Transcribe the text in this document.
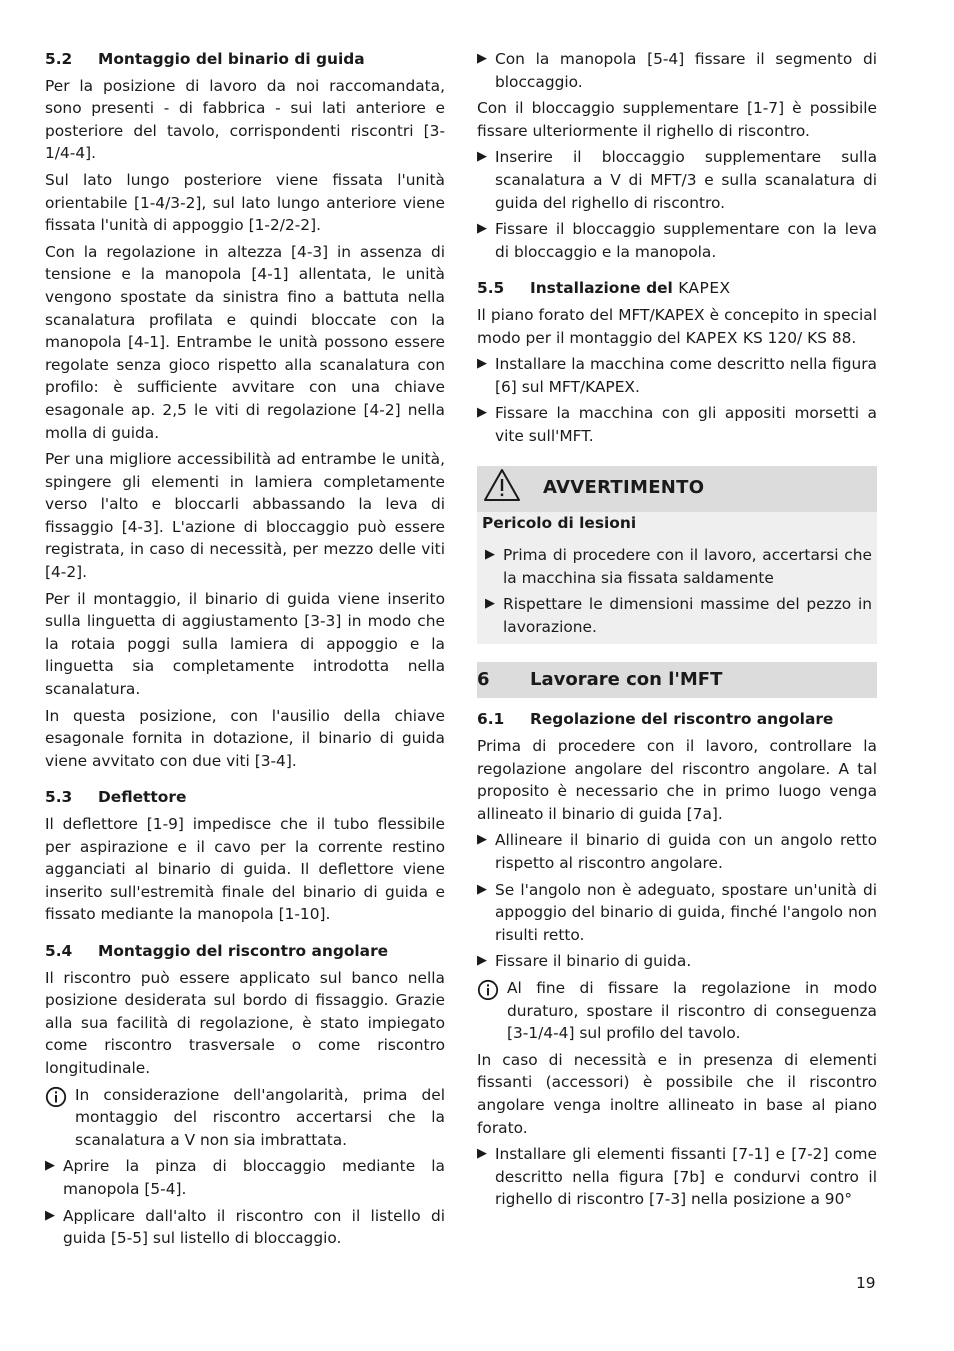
5.2	Montaggio del binario di guida

Per la posizione di lavoro da noi raccomandata, sono presenti - di fabbrica - sui lati anteriore e posteriore del tavolo, corrispondenti riscontri [3-1/4-4].

Sul lato lungo posteriore viene fissata l'unità orientabile [1-4/3-2], sul lato lungo anteriore viene fissata l'unità di appoggio [1-2/2-2].

Con la regolazione in altezza [4-3] in assenza di tensione e la manopola [4-1] allentata, le unità vengono spostate da sinistra fino a battuta nella scanalatura profilata e quindi bloccate con la manopola [4-1]. Entrambe le unità possono essere regolate senza gioco rispetto alla scanalatura con profilo: è sufficiente avvitare con una chiave esagonale ap. 2,5 le viti di regolazione [4-2] nella molla di guida.

Per una migliore accessibilità ad entrambe le unità, spingere gli elementi in lamiera completamente verso l'alto e bloccarli abbassando la leva di fissaggio [4-3]. L'azione di bloccaggio può essere registrata, in caso di necessità, per mezzo delle viti [4-2].

Per il montaggio, il binario di guida viene inserito sulla linguetta di aggiustamento [3-3] in modo che la rotaia poggi sulla lamiera di appoggio e la linguetta sia completamente introdotta nella scanalatura.

In questa posizione, con l'ausilio della chiave esagonale fornita in dotazione, il binario di guida viene avvitato con due viti [3-4].

5.3	Deflettore

Il deflettore [1-9] impedisce che il tubo flessibile per aspirazione e il cavo per la corrente restino agganciati al binario di guida. Il deflettore viene inserito sull'estremità finale del binario di guida e fissato mediante la manopola [1-10].

5.4	Montaggio del riscontro angolare

Il riscontro può essere applicato sul banco nella posizione desiderata sul bordo di fissaggio. Grazie alla sua facilità di regolazione, è stato impiegato come riscontro trasversale o come riscontro longitudinale.

In considerazione dell'angolarità, prima del montaggio del riscontro accertarsi che la scanalatura a V non sia imbrattata.
▶ Aprire la pinza di bloccaggio mediante la manopola [5-4].
▶ Applicare dall'alto il riscontro con il listello di guida [5-5] sul listello di bloccaggio.
▶ Con la manopola [5-4] fissare il segmento di bloccaggio.

Con il bloccaggio supplementare [1-7] è possibile fissare ulteriormente il righello di riscontro.

▶ Inserire il bloccaggio supplementare sulla scanalatura a V di MFT/3 e sulla scanalatura di guida del righello di riscontro.
▶ Fissare il bloccaggio supplementare con la leva di bloccaggio e la manopola.
5.5	Installazione del KAPEX

Il piano forato del MFT/KAPEX è concepito in special modo per il montaggio del KAPEX KS 120/ KS 88.

▶ Installare la macchina come descritto nella figura [6] sul MFT/KAPEX.
▶ Fissare la macchina con gli appositi morsetti a vite sull'MFT.
AVVERTIMENTO
Pericolo di lesioni
▶ Prima di procedere con il lavoro, accertarsi che la macchina sia fissata saldamente
▶ Rispettare le dimensioni massime del pezzo in lavorazione.
6	Lavorare con l'MFT
6.1	Regolazione del riscontro angolare

Prima di procedere con il lavoro, controllare la regolazione angolare del riscontro angolare. A tal proposito è necessario che in primo luogo venga allineato il binario di guida [7a].

▶ Allineare il binario di guida con un angolo retto rispetto al riscontro angolare.
▶ Se l'angolo non è adeguato, spostare un'unità di appoggio del binario di guida, finché l'angolo non risulti retto.
▶ Fissare il binario di guida.
Al fine di fissare la regolazione in modo duraturo, spostare il riscontro di conseguenza [3-1/4-4] sul profilo del tavolo.

In caso di necessità e in presenza di elementi fissanti (accessori) è possibile che il riscontro angolare venga inoltre allineato in base al piano forato.

▶ Installare gli elementi fissanti [7-1] e [7-2] come descritto nella figura [7b] e condurvi contro il righello di riscontro [7-3] nella posizione a 90°
19
